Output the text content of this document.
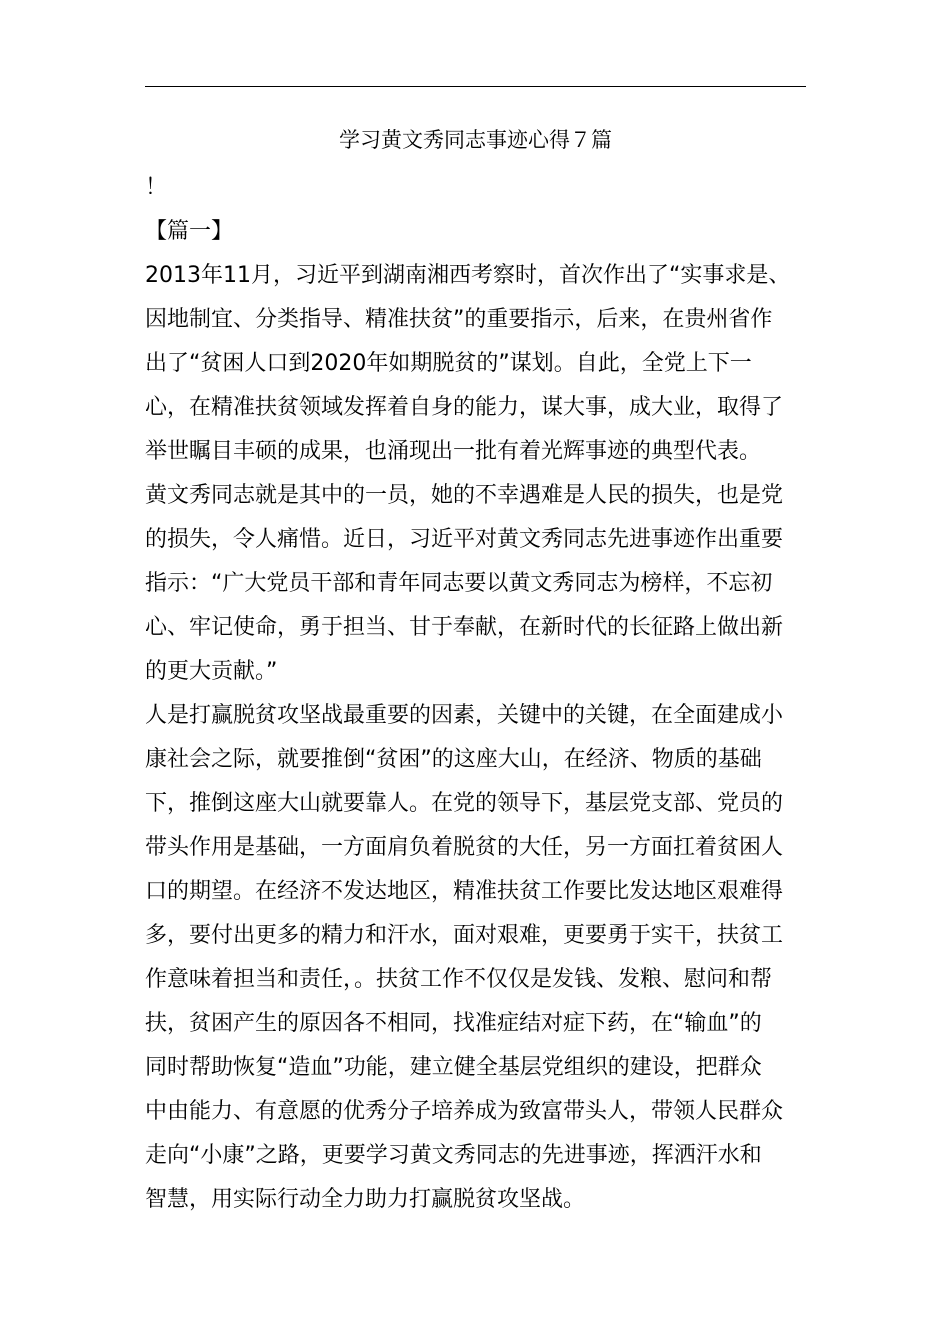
学习黄文秀同志事迹心得７篇
！
【篇一】
2013年11月，习近平到湖南湘西考察时，首次作出了“实事求是、
因地制宜、分类指导、精准扶贫”的重要指示，后来，在贵州省作
出了“贫困人口到2020年如期脱贫的”谋划。自此，全党上下一
心，在精准扶贫领域发挥着自身的能力，谋大事，成大业，取得了
举世瞩目丰硕的成果，也涌现出一批有着光辉事迹的典型代表。
黄文秀同志就是其中的一员，她的不幸遇难是人民的损失，也是党
的损失，令人痛惜。近日，习近平对黄文秀同志先进事迹作出重要
指示：“广大党员干部和青年同志要以黄文秀同志为榜样，不忘初
心、牢记使命，勇于担当、甘于奉献，在新时代的长征路上做出新
的更大贡献。”
人是打赢脱贫攻坚战最重要的因素，关键中的关键，在全面建成小
康社会之际，就要推倒“贫困”的这座大山，在经济、物质的基础
下，推倒这座大山就要靠人。在党的领导下，基层党支部、党员的
带头作用是基础，一方面肩负着脱贫的大任，另一方面扛着贫困人
口的期望。在经济不发达地区，精准扶贫工作要比发达地区艰难得
多，要付出更多的精力和汗水，面对艰难，更要勇于实干，扶贫工
作意味着担当和责任，。扶贫工作不仅仅是发钱、发粮、慰问和帮
扶，贫困产生的原因各不相同，找准症结对症下药，在“输血”的
同时帮助恢复“造血”功能，建立健全基层党组织的建设，把群众
中由能力、有意愿的优秀分子培养成为致富带头人，带领人民群众
走向“小康”之路，更要学习黄文秀同志的先进事迹，挥洒汗水和
智慧，用实际行动全力助力打赢脱贫攻坚战。
